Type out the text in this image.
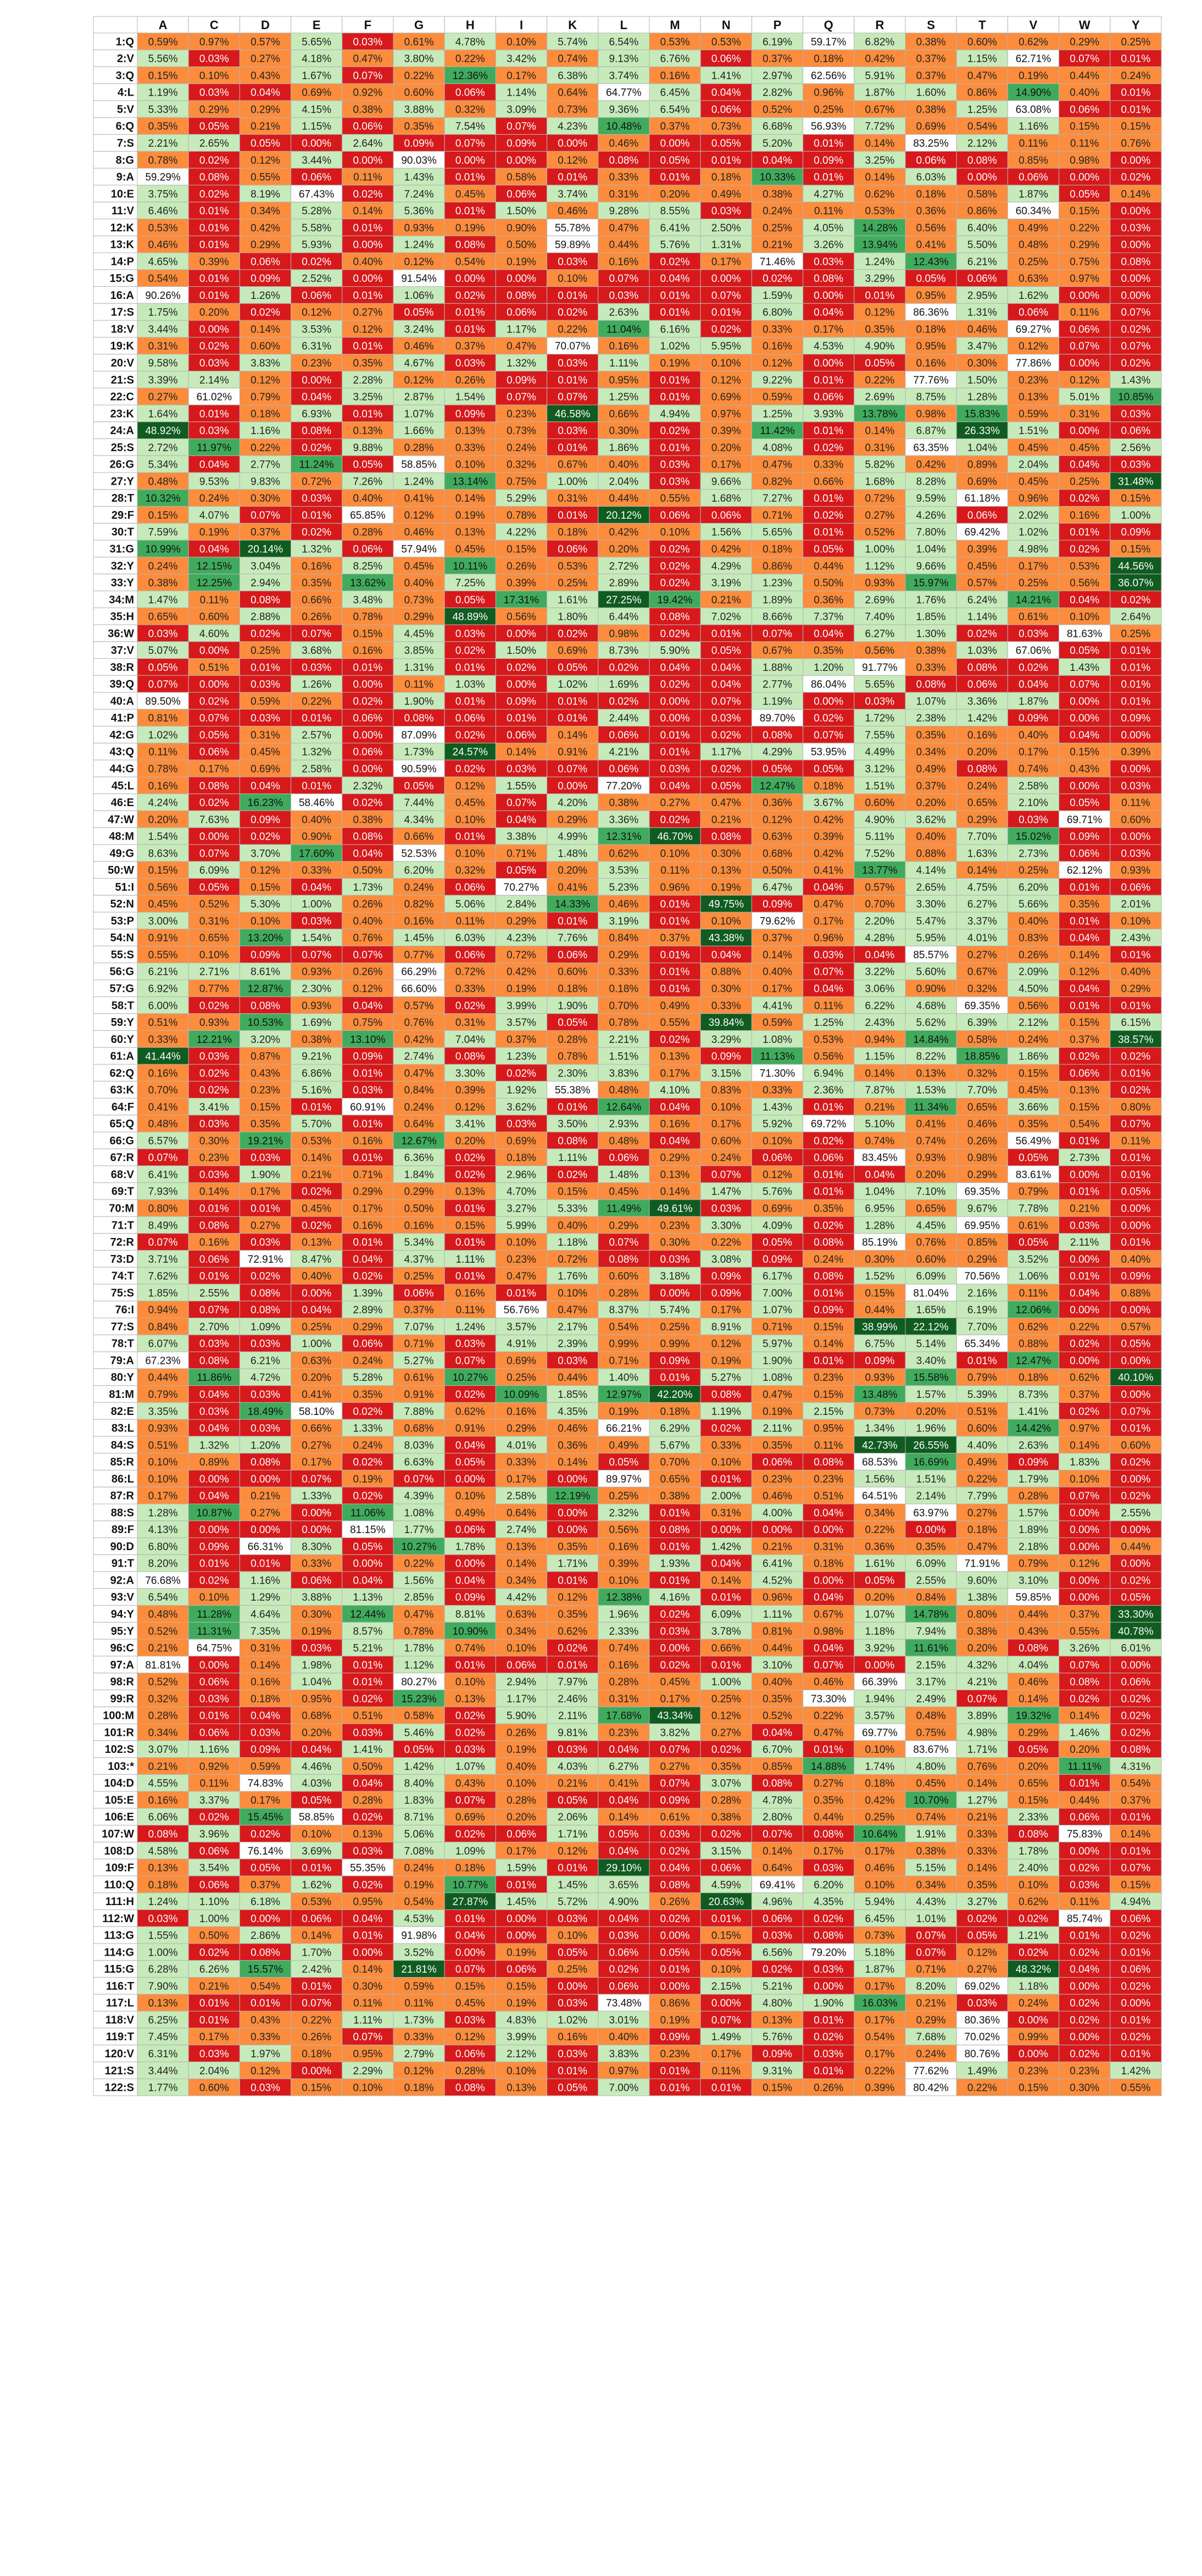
A	C	D	E	F	G	H	I	K	L	M	N	P	Q	R	S	T	V	W	Y
1:Q 0.59% 0.97% 0.57% 5.65% 0.03% 0.61% 4.78% 0.10% 5.74% 6.54% 0.53% 0.53% 6.19% 59.17% 6.82% 0.38% 0.60% 0.62% 0.29% 0.25%
2:V 5.56% 0.03% 0.27% 4.18% 0.47% 3.80% 0.22% 3.42% 0.74% 9.13% 6.76% 0.06% 0.37% 0.18% 0.42% 0.37% 1.15% 62.71% 0.07% 0.01%
3:Q 0.15% 0.10% 0.43% 1.67% 0.07% 0.22% 12.36% 0.17% 6.38% 3.74% 0.16% 1.41% 2.97% 62.56% 5.91% 0.37% 0.47% 0.19% 0.44% 0.24%
4:L 1.19% 0.03% 0.04% 0.69% 0.92% 0.60% 0.06% 1.14% 0.64% 64.77% 6.45% 0.04% 2.82% 0.96% 1.87% 1.60% 0.86% 14.90% 0.40% 0.01%
5:V 5.33% 0.29% 0.29% 4.15% 0.38% 3.88% 0.32% 3.09% 0.73% 9.36% 6.54% 0.06% 0.52% 0.25% 0.67% 0.38% 1.25% 63.08% 0.06% 0.01%
6:Q 0.35% 0.05% 0.21% 1.15% 0.06% 0.35% 7.54% 0.07% 4.23% 10.48% 0.37% 0.73% 6.68% 56.93% 7.72% 0.69% 0.54% 1.16% 0.15% 0.15%
7:S 2.21% 2.65% 0.05% 0.00% 2.64% 0.09% 0.07% 0.09% 0.00% 0.46% 0.00% 0.05% 5.20% 0.01% 0.14% 83.25% 2.12% 0.11% 0.11% 0.76%
8:G 0.78% 0.02% 0.12% 3.44% 0.00% 90.03% 0.00% 0.00% 0.12% 0.08% 0.05% 0.01% 0.04% 0.09% 3.25% 0.06% 0.08% 0.85% 0.98% 0.00%
9:A 59.29% 0.08% 0.55% 0.06% 0.11% 1.43% 0.01% 0.58% 0.01% 0.33% 0.01% 0.18% 10.33% 0.01% 0.14% 6.03% 0.00% 0.06% 0.00% 0.02%
10:E 3.75% 0.02% 8.19% 67.43% 0.02% 7.24% 0.45% 0.06% 3.74% 0.31% 0.20% 0.49% 0.38% 4.27% 0.62% 0.18% 0.58% 1.87% 0.05% 0.14%
11:V 6.46% 0.01% 0.34% 5.28% 0.14% 5.36% 0.01% 1.50% 0.46% 9.28% 8.55% 0.03% 0.24% 0.11% 0.53% 0.36% 0.86% 60.34% 0.15% 0.00%
12:K 0.53% 0.01% 0.42% 5.58% 0.01% 0.93% 0.19% 0.90% 55.78% 0.47% 6.41% 2.50% 0.25% 4.05% 14.28% 0.56% 6.40% 0.49% 0.22% 0.03%
13:K 0.46% 0.01% 0.29% 5.93% 0.00% 1.24% 0.08% 0.50% 59.89% 0.44% 5.76% 1.31% 0.21% 3.26% 13.94% 0.41% 5.50% 0.48% 0.29% 0.00%
14:P 4.65% 0.39% 0.06% 0.02% 0.40% 0.12% 0.54% 0.19% 0.03% 0.16% 0.02% 0.17% 71.46% 0.03% 1.24% 12.43% 6.21% 0.25% 0.75% 0.08%
15:G 0.54% 0.01% 0.09% 2.52% 0.00% 91.54% 0.00% 0.00% 0.10% 0.07% 0.04% 0.00% 0.02% 0.08% 3.29% 0.05% 0.06% 0.63% 0.97% 0.00%
16:A 90.26% 0.01% 1.26% 0.06% 0.01% 1.06% 0.02% 0.08% 0.01% 0.03% 0.01% 0.07% 1.59% 0.00% 0.01% 0.95% 2.95% 1.62% 0.00% 0.00%
17:S 1.75% 0.20% 0.02% 0.12% 0.27% 0.05% 0.01% 0.06% 0.02% 2.63% 0.01% 0.01% 6.80% 0.04% 0.12% 86.36% 1.31% 0.06% 0.11% 0.07%
18:V 3.44% 0.00% 0.14% 3.53% 0.12% 3.24% 0.01% 1.17% 0.22% 11.04% 6.16% 0.02% 0.33% 0.17% 0.35% 0.18% 0.46% 69.27% 0.06% 0.02%
19:K 0.31% 0.02% 0.60% 6.31% 0.01% 0.46% 0.37% 0.47% 70.07% 0.16% 1.02% 5.95% 0.16% 4.53% 4.90% 0.95% 3.47% 0.12% 0.07% 0.07%
20:V 9.58% 0.03% 3.83% 0.23% 0.35% 4.67% 0.03% 1.32% 0.03% 1.11% 0.19% 0.10% 0.12% 0.00% 0.05% 0.16% 0.30% 77.86% 0.00% 0.02%
21:S 3.39% 2.14% 0.12% 0.00% 2.28% 0.12% 0.26% 0.09% 0.01% 0.95% 0.01% 0.12% 9.22% 0.01% 0.22% 77.76% 1.50% 0.23% 0.12% 1.43%
22:C 0.27% 61.02% 0.79% 0.04% 3.25% 2.87% 1.54% 0.07% 0.07% 1.25% 0.01% 0.69% 0.59% 0.06% 2.69% 8.75% 1.28% 0.13% 5.01% 10.85%
23:K 1.64% 0.01% 0.18% 6.93% 0.01% 1.07% 0.09% 0.23% 46.58% 0.66% 4.94% 0.97% 1.25% 3.93% 13.78% 0.98% 15.83% 0.59% 0.31% 0.03%
24:A 48.92% 0.03% 1.16% 0.08% 0.13% 1.66% 0.13% 0.73% 0.03% 0.30% 0.02% 0.39% 11.42% 0.01% 0.14% 6.87% 26.33% 1.51% 0.00% 0.06%
25:S 2.72% 11.97% 0.22% 0.02% 9.88% 0.28% 0.33% 0.24% 0.01% 1.86% 0.01% 0.20% 4.08% 0.02% 0.31% 63.35% 1.04% 0.45% 0.45% 2.56%
26:G 5.34% 0.04% 2.77% 11.24% 0.05% 58.85% 0.10% 0.32% 0.67% 0.40% 0.03% 0.17% 0.47% 0.33% 5.82% 0.42% 0.89% 2.04% 0.04% 0.03%
27:Y 0.48% 9.53% 9.83% 0.72% 7.26% 1.24% 13.14% 0.75% 1.00% 2.04% 0.03% 9.66% 0.82% 0.66% 1.68% 8.28% 0.69% 0.45% 0.25% 31.48%
28:T 10.32% 0.24% 0.30% 0.03% 0.40% 0.41% 0.14% 5.29% 0.31% 0.44% 0.55% 1.68% 7.27% 0.01% 0.72% 9.59% 61.18% 0.96% 0.02% 0.15%
29:F 0.15% 4.07% 0.07% 0.01% 65.85% 0.12% 0.19% 0.78% 0.01% 20.12% 0.06% 0.06% 0.71% 0.02% 0.27% 4.26% 0.06% 2.02% 0.16% 1.00%
30:T 7.59% 0.19% 0.37% 0.02% 0.28% 0.46% 0.13% 4.22% 0.18% 0.42% 0.10% 1.56% 5.65% 0.01% 0.52% 7.80% 69.42% 1.02% 0.01% 0.09%
31:G 10.99% 0.04% 20.14% 1.32% 0.06% 57.94% 0.45% 0.15% 0.06% 0.20% 0.02% 0.42% 0.18% 0.05% 1.00% 1.04% 0.39% 4.98% 0.02% 0.15%
32:Y 0.24% 12.15% 3.04% 0.16% 8.25% 0.45% 10.11% 0.26% 0.53% 2.72% 0.02% 4.29% 0.86% 0.44% 1.12% 9.66% 0.45% 0.17% 0.53% 44.56%
33:Y 0.38% 12.25% 2.94% 0.35% 13.62% 0.40% 7.25% 0.39% 0.25% 2.89% 0.02% 3.19% 1.23% 0.50% 0.93% 15.97% 0.57% 0.25% 0.56% 36.07%
34:M 1.47% 0.11% 0.08% 0.66% 3.48% 0.73% 0.05% 17.31% 1.61% 27.25% 19.42% 0.21% 1.89% 0.36% 2.69% 1.76% 6.24% 14.21% 0.04% 0.02%
35:H 0.65% 0.60% 2.88% 0.26% 0.78% 0.29% 48.89% 0.56% 1.80% 6.44% 0.08% 7.02% 8.66% 7.37% 7.40% 1.85% 1.14% 0.61% 0.10% 2.64%
36:W 0.03% 4.60% 0.02% 0.07% 0.15% 4.45% 0.03% 0.00% 0.02% 0.98% 0.02% 0.01% 0.07% 0.04% 6.27% 1.30% 0.02% 0.03% 81.63% 0.25%
37:V 5.07% 0.00% 0.25% 3.68% 0.16% 3.85% 0.02% 1.50% 0.69% 8.73% 5.90% 0.05% 0.67% 0.35% 0.56% 0.38% 1.03% 67.06% 0.05% 0.01%
38:R 0.05% 0.51% 0.01% 0.03% 0.01% 1.31% 0.01% 0.02% 0.05% 0.02% 0.04% 0.04% 1.88% 1.20% 91.77% 0.33% 0.08% 0.02% 1.43% 0.01%
39:Q 0.07% 0.00% 0.03% 1.26% 0.00% 0.11% 1.03% 0.00% 1.02% 1.69% 0.02% 0.04% 2.77% 86.04% 5.65% 0.08% 0.06% 0.04% 0.07% 0.01%
40:A 89.50% 0.02% 0.59% 0.22% 0.02% 1.90% 0.01% 0.09% 0.01% 0.02% 0.00% 0.07% 1.19% 0.00% 0.03% 1.07% 3.36% 1.87% 0.00% 0.01%
41:P 0.81% 0.07% 0.03% 0.01% 0.06% 0.08% 0.06% 0.01% 0.01% 2.44% 0.00% 0.03% 89.70% 0.02% 1.72% 2.38% 1.42% 0.09% 0.00% 0.09%
42:G 1.02% 0.05% 0.31% 2.57% 0.00% 87.09% 0.02% 0.06% 0.14% 0.06% 0.01% 0.02% 0.08% 0.07% 7.55% 0.35% 0.16% 0.40% 0.04% 0.00%
43:Q 0.11% 0.06% 0.45% 1.32% 0.06% 1.73% 24.57% 0.14% 0.91% 4.21% 0.01% 1.17% 4.29% 53.95% 4.49% 0.34% 0.20% 0.17% 0.15% 0.39%
44:G 0.78% 0.17% 0.69% 2.58% 0.00% 90.59% 0.02% 0.03% 0.07% 0.06% 0.03% 0.02% 0.05% 0.05% 3.12% 0.49% 0.08% 0.74% 0.43% 0.00%
45:L 0.16% 0.08% 0.04% 0.01% 2.32% 0.05% 0.12% 1.55% 0.00% 77.20% 0.04% 0.05% 12.47% 0.18% 1.51% 0.37% 0.24% 2.58% 0.00% 0.03%
46:E 4.24% 0.02% 16.23% 58.46% 0.02% 7.44% 0.45% 0.07% 4.20% 0.38% 0.27% 0.47% 0.36% 3.67% 0.60% 0.20% 0.65% 2.10% 0.05% 0.11%
47:W 0.20% 7.63% 0.09% 0.40% 0.38% 4.34% 0.10% 0.04% 0.29% 3.36% 0.02% 0.21% 0.12% 0.42% 4.90% 3.62% 0.29% 0.03% 69.71% 0.60%
48:M 1.54% 0.00% 0.02% 0.90% 0.08% 0.66% 0.01% 3.38% 4.99% 12.31% 46.70% 0.08% 0.63% 0.39% 5.11% 0.40% 7.70% 15.02% 0.09% 0.00%
49:G 8.63% 0.07% 3.70% 17.60% 0.04% 52.53% 0.10% 0.71% 1.48% 0.62% 0.10% 0.30% 0.68% 0.42% 7.52% 0.88% 1.63% 2.73% 0.06% 0.03%
50:W 0.15% 6.09% 0.12% 0.33% 0.50% 6.20% 0.32% 0.05% 0.20% 3.53% 0.11% 0.13% 0.50% 0.41% 13.77% 4.14% 0.14% 0.25% 62.12% 0.93%
51:I 0.56% 0.05% 0.15% 0.04% 1.73% 0.24% 0.06% 70.27% 0.41% 5.23% 0.96% 0.19% 6.47% 0.04% 0.57% 2.65% 4.75% 6.20% 0.01% 0.06%
52:N 0.45% 0.52% 5.30% 1.00% 0.26% 0.82% 5.06% 2.84% 14.33% 0.46% 0.01% 49.75% 0.09% 0.47% 0.70% 3.30% 6.27% 5.66% 0.35% 2.01%
53:P 3.00% 0.31% 0.10% 0.03% 0.40% 0.16% 0.11% 0.29% 0.01% 3.19% 0.01% 0.10% 79.62% 0.17% 2.20% 5.47% 3.37% 0.40% 0.01% 0.10%
54:N 0.91% 0.65% 13.20% 1.54% 0.76% 1.45% 6.03% 4.23% 7.76% 0.84% 0.37% 43.38% 0.37% 0.96% 4.28% 5.95% 4.01% 0.83% 0.04% 2.43%
55:S 0.55% 0.10% 0.09% 0.07% 0.07% 0.77% 0.06% 0.72% 0.06% 0.29% 0.01% 0.04% 0.14% 0.03% 0.04% 85.57% 0.27% 0.26% 0.14% 0.01%
56:G 6.21% 2.71% 8.61% 0.93% 0.26% 66.29% 0.72% 0.42% 0.60% 0.33% 0.01% 0.88% 0.40% 0.07% 3.22% 5.60% 0.67% 2.09% 0.12% 0.40%
57:G 6.92% 0.77% 12.87% 2.30% 0.12% 66.60% 0.33% 0.19% 0.18% 0.18% 0.01% 0.30% 0.17% 0.04% 3.06% 0.90% 0.32% 4.50% 0.04% 0.29%
58:T 6.00% 0.02% 0.08% 0.93% 0.04% 0.57% 0.02% 3.99% 1.90% 0.70% 0.49% 0.33% 4.41% 0.11% 6.22% 4.68% 69.35% 0.56% 0.01% 0.01%
59:Y 0.51% 0.93% 10.53% 1.69% 0.75% 0.76% 0.31% 3.57% 0.05% 0.78% 0.55% 39.84% 0.59% 1.25% 2.43% 5.62% 6.39% 2.12% 0.15% 6.15%
60:Y 0.33% 12.21% 3.20% 0.38% 13.10% 0.42% 7.04% 0.37% 0.28% 2.21% 0.02% 3.29% 1.08% 0.53% 0.94% 14.84% 0.58% 0.24% 0.37% 38.57%
61:A 41.44% 0.03% 0.87% 9.21% 0.09% 2.74% 0.08% 1.23% 0.78% 1.51% 0.13% 0.09% 11.13% 0.56% 1.15% 8.22% 18.85% 1.86% 0.02% 0.02%
62:Q 0.16% 0.02% 0.43% 6.86% 0.01% 0.47% 3.30% 0.02% 2.30% 3.83% 0.17% 3.15% 71.30% 6.94% 0.14% 0.13% 0.32% 0.15% 0.06% 0.01%
63:K 0.70% 0.02% 0.23% 5.16% 0.03% 0.84% 0.39% 1.92% 55.38% 0.48% 4.10% 0.83% 0.33% 2.36% 7.87% 1.53% 7.70% 0.45% 0.13% 0.02%
64:F 0.41% 3.41% 0.15% 0.01% 60.91% 0.24% 0.12% 3.62% 0.01% 12.64% 0.04% 0.10% 1.43% 0.01% 0.21% 11.34% 0.65% 3.66% 0.15% 0.80%
65:Q 0.48% 0.03% 0.35% 5.70% 0.01% 0.64% 3.41% 0.03% 3.50% 2.93% 0.16% 0.17% 5.92% 69.72% 5.10% 0.41% 0.46% 0.35% 0.54% 0.07%
66:G 6.57% 0.30% 19.21% 0.53% 0.16% 12.67% 0.20% 0.69% 0.08% 0.48% 0.04% 0.60% 0.10% 0.02% 0.74% 0.74% 0.26% 56.49% 0.01% 0.11%
67:R 0.07% 0.23% 0.03% 0.14% 0.01% 6.36% 0.02% 0.18% 1.11% 0.06% 0.29% 0.24% 0.06% 0.06% 83.45% 0.93% 0.98% 0.05% 2.73% 0.01%
68:V 6.41% 0.03% 1.90% 0.21% 0.71% 1.84% 0.02% 2.96% 0.02% 1.48% 0.13% 0.07% 0.12% 0.01% 0.04% 0.20% 0.29% 83.61% 0.00% 0.01%
69:T 7.93% 0.14% 0.17% 0.02% 0.29% 0.29% 0.13% 4.70% 0.15% 0.45% 0.14% 1.47% 5.76% 0.01% 1.04% 7.10% 69.35% 0.79% 0.01% 0.05%
70:M 0.80% 0.01% 0.01% 0.45% 0.17% 0.50% 0.01% 3.27% 5.33% 11.49% 49.61% 0.03% 0.69% 0.35% 6.95% 0.65% 9.67% 7.78% 0.21% 0.00%
71:T 8.49% 0.08% 0.27% 0.02% 0.16% 0.16% 0.15% 5.99% 0.40% 0.29% 0.23% 3.30% 4.09% 0.02% 1.28% 4.45% 69.95% 0.61% 0.03% 0.00%
72:R 0.07% 0.16% 0.03% 0.13% 0.01% 5.34% 0.01% 0.10% 1.18% 0.07% 0.30% 0.22% 0.05% 0.08% 85.19% 0.76% 0.85% 0.05% 2.11% 0.01%
73:D 3.71% 0.06% 72.91% 8.47% 0.04% 4.37% 1.11% 0.23% 0.72% 0.08% 0.03% 3.08% 0.09% 0.24% 0.30% 0.60% 0.29% 3.52% 0.00% 0.40%
74:T 7.62% 0.01% 0.02% 0.40% 0.02% 0.25% 0.01% 0.47% 1.76% 0.60% 3.18% 0.09% 6.17% 0.08% 1.52% 6.09% 70.56% 1.06% 0.01% 0.09%
75:S 1.85% 2.55% 0.08% 0.00% 1.39% 0.06% 0.16% 0.01% 0.10% 0.28% 0.00% 0.09% 7.00% 0.01% 0.15% 81.04% 2.16% 0.11% 0.04% 0.88%
76:I 0.94% 0.07% 0.08% 0.04% 2.89% 0.37% 0.11% 56.76% 0.47% 8.37% 5.74% 0.17% 1.07% 0.09% 0.44% 1.65% 6.19% 12.06% 0.00% 0.00%
77:S 0.84% 2.70% 1.09% 0.25% 0.29% 7.07% 1.24% 3.57% 2.17% 0.54% 0.25% 8.91% 0.71% 0.15% 38.99% 22.12% 7.70% 0.62% 0.22% 0.57%
78:T 6.07% 0.03% 0.03% 1.00% 0.06% 0.71% 0.03% 4.91% 2.39% 0.99% 0.99% 0.12% 5.97% 0.14% 6.75% 5.14% 65.34% 0.88% 0.02% 0.05%
79:A 67.23% 0.08% 6.21% 0.63% 0.24% 5.27% 0.07% 0.69% 0.03% 0.71% 0.09% 0.19% 1.90% 0.01% 0.09% 3.40% 0.01% 12.47% 0.00% 0.00%
80:Y 0.44% 11.86% 4.72% 0.20% 5.28% 0.61% 10.27% 0.25% 0.44% 1.40% 0.01% 5.27% 1.08% 0.23% 0.93% 15.58% 0.79% 0.18% 0.62% 40.10%
81:M 0.79% 0.04% 0.03% 0.41% 0.35% 0.91% 0.02% 10.09% 1.85% 12.97% 42.20% 0.08% 0.47% 0.15% 13.48% 1.57% 5.39% 8.73% 0.37% 0.00%
82:E 3.35% 0.03% 18.49% 58.10% 0.02% 7.88% 0.62% 0.16% 4.35% 0.19% 0.18% 1.19% 0.19% 2.15% 0.73% 0.20% 0.51% 1.41% 0.02% 0.07%
83:L 0.93% 0.04% 0.03% 0.66% 1.33% 0.68% 0.91% 0.29% 0.46% 66.21% 6.29% 0.02% 2.11% 0.95% 1.34% 1.96% 0.60% 14.42% 0.97% 0.01%
84:S 0.51% 1.32% 1.20% 0.27% 0.24% 8.03% 0.04% 4.01% 0.36% 0.49% 5.67% 0.33% 0.35% 0.11% 42.73% 26.55% 4.40% 2.63% 0.14% 0.60%
85:R 0.10% 0.89% 0.08% 0.17% 0.02% 6.63% 0.05% 0.33% 0.14% 0.05% 0.70% 0.10% 0.06% 0.08% 68.53% 16.69% 0.49% 0.09% 1.83% 0.02%
86:L 0.10% 0.00% 0.00% 0.07% 0.19% 0.07% 0.00% 0.17% 0.00% 89.97% 0.65% 0.01% 0.23% 0.23% 1.56% 1.51% 0.22% 1.79% 0.10% 0.00%
87:R 0.17% 0.04% 0.21% 1.33% 0.02% 4.39% 0.10% 2.58% 12.19% 0.25% 0.38% 2.00% 0.46% 0.51% 64.51% 2.14% 7.79% 0.28% 0.07% 0.02%
88:S 1.28% 10.87% 0.27% 0.00% 11.06% 1.08% 0.49% 0.64% 0.00% 2.32% 0.01% 0.31% 4.00% 0.04% 0.34% 63.97% 0.27% 1.57% 0.00% 2.55%
89:F 4.13% 0.00% 0.00% 0.00% 81.15% 1.77% 0.06% 2.74% 0.00% 0.56% 0.08% 0.00% 0.00% 0.00% 0.22% 0.00% 0.18% 1.89% 0.00% 0.00%
90:D 6.80% 0.09% 66.31% 8.30% 0.05% 10.27% 1.78% 0.13% 0.35% 0.16% 0.01% 1.42% 0.21% 0.31% 0.36% 0.35% 0.47% 2.18% 0.00% 0.44%
91:T 8.20% 0.01% 0.01% 0.33% 0.00% 0.22% 0.00% 0.14% 1.71% 0.39% 1.93% 0.04% 6.41% 0.18% 1.61% 6.09% 71.91% 0.79% 0.12% 0.00%
92:A 76.68% 0.02% 1.16% 0.06% 0.04% 1.56% 0.04% 0.34% 0.01% 0.10% 0.01% 0.14% 4.52% 0.00% 0.05% 2.55% 9.60% 3.10% 0.00% 0.02%
93:V 6.54% 0.10% 1.29% 3.88% 1.13% 2.85% 0.09% 4.42% 0.12% 12.38% 4.16% 0.01% 0.96% 0.04% 0.20% 0.84% 1.38% 59.85% 0.00% 0.05%
94:Y 0.48% 11.28% 4.64% 0.30% 12.44% 0.47% 8.81% 0.63% 0.35% 1.96% 0.02% 6.09% 1.11% 0.67% 1.07% 14.78% 0.80% 0.44% 0.37% 33.30%
95:Y 0.52% 11.31% 7.35% 0.19% 8.57% 0.78% 10.90% 0.34% 0.62% 2.33% 0.03% 3.78% 0.81% 0.98% 1.18% 7.94% 0.38% 0.43% 0.55% 40.78%
96:C 0.21% 64.75% 0.31% 0.03% 5.21% 1.78% 0.74% 0.10% 0.02% 0.74% 0.00% 0.66% 0.44% 0.04% 3.92% 11.61% 0.20% 0.08% 3.26% 6.01%
97:A 81.81% 0.00% 0.14% 1.98% 0.01% 1.12% 0.01% 0.06% 0.01% 0.16% 0.02% 0.01% 3.10% 0.07% 0.00% 2.15% 4.32% 4.04% 0.07% 0.00%
98:R 0.52% 0.06% 0.16% 1.04% 0.01% 80.27% 0.10% 2.94% 7.97% 0.28% 0.45% 1.00% 0.40% 0.46% 66.39% 3.17% 4.21% 0.46% 0.08% 0.06%
99:R 0.32% 0.03% 0.18% 0.95% 0.02% 15.23% 0.13% 1.17% 2.46% 0.31% 0.17% 0.25% 0.35% 73.30% 1.94% 2.49% 0.07% 0.14% 0.02% 0.02%
100:M 0.28% 0.01% 0.04% 0.68% 0.51% 0.58% 0.02% 5.90% 2.11% 17.68% 43.34% 0.12% 0.52% 0.22% 3.57% 0.48% 3.89% 19.32% 0.14% 0.02%
101:R 0.34% 0.06% 0.03% 0.20% 0.03% 5.46% 0.02% 0.26% 9.81% 0.23% 3.82% 0.27% 0.04% 0.47% 69.77% 0.75% 4.98% 0.29% 1.46% 0.02%
102:S 3.07% 1.16% 0.09% 0.04% 1.41% 0.05% 0.03% 0.19% 0.03% 0.04% 0.07% 0.02% 6.70% 0.01% 0.10% 83.67% 1.71% 0.05% 0.20% 0.08%
103:* 0.21% 0.92% 0.59% 4.46% 0.50% 1.42% 1.07% 0.40% 4.03% 6.27% 0.27% 0.35% 0.85% 14.88% 1.74% 4.80% 0.76% 0.20% 11.11% 4.31%
104:D 4.55% 0.11% 74.83% 4.03% 0.04% 8.40% 0.43% 0.10% 0.21% 0.41% 0.07% 3.07% 0.08% 0.27% 0.18% 0.45% 0.14% 0.65% 0.01% 0.54%
105:E 0.16% 3.37% 0.17% 0.05% 0.28% 1.83% 0.07% 0.28% 0.05% 0.04% 0.09% 0.28% 4.78% 0.35% 0.42% 10.70% 1.27% 0.15% 0.44% 0.37%
106:E 6.06% 0.02% 15.45% 58.85% 0.02% 8.71% 0.69% 0.20% 2.06% 0.14% 0.61% 0.38% 2.80% 0.44% 0.25% 0.74% 0.21% 2.33% 0.06% 0.01%
107:W 0.08% 3.96% 0.02% 0.10% 0.13% 5.06% 0.02% 0.06% 1.71% 0.05% 0.03% 0.02% 0.07% 0.08% 10.64% 1.91% 0.33% 0.08% 75.83% 0.14%
108:D 4.58% 0.06% 76.14% 3.69% 0.03% 7.08% 1.09% 0.17% 0.12% 0.04% 0.02% 3.15% 0.14% 0.17% 0.17% 0.38% 0.33% 1.78% 0.00% 0.01%
109:F 0.13% 3.54% 0.05% 0.01% 55.35% 0.24% 0.18% 1.59% 0.01% 29.10% 0.04% 0.06% 0.64% 0.03% 0.46% 5.15% 0.14% 2.40% 0.02% 0.07%
110:Q 0.18% 0.06% 0.37% 1.62% 0.02% 0.19% 10.77% 0.01% 1.45% 3.65% 0.08% 4.59% 69.41% 6.20% 0.10% 0.34% 0.35% 0.10% 0.03% 0.15%
111:H 1.24% 1.10% 6.18% 0.53% 0.95% 0.54% 27.87% 1.45% 5.72% 4.90% 0.26% 20.63% 4.96% 4.35% 5.94% 4.43% 3.27% 0.62% 0.11% 4.94%
112:W 0.03% 1.00% 0.00% 0.06% 0.04% 4.53% 0.01% 0.00% 0.03% 0.04% 0.02% 0.01% 0.06% 0.02% 6.45% 1.01% 0.02% 0.02% 85.74% 0.06%
113:G 1.55% 0.50% 2.86% 0.14% 0.01% 91.98% 0.04% 0.00% 0.10% 0.03% 0.00% 0.15% 0.03% 0.08% 0.73% 0.07% 0.05% 1.21% 0.01% 0.02%
114:G 1.00% 0.02% 0.08% 1.70% 0.00% 3.52% 0.00% 0.19% 0.05% 0.06% 0.05% 0.05% 6.56% 79.20% 5.18% 0.07% 0.12% 0.02% 0.02% 0.01%
115:G 6.28% 6.26% 15.57% 2.42% 0.14% 21.81% 0.07% 0.06% 0.25% 0.02% 0.01% 0.10% 0.02% 0.03% 1.87% 0.71% 0.27% 48.32% 0.04% 0.06%
116:T 7.90% 0.21% 0.54% 0.01% 0.30% 0.59% 0.15% 0.15% 0.00% 0.06% 0.00% 2.15% 5.21% 0.00% 0.17% 8.20% 69.02% 1.18% 0.00% 0.02%
117:L 0.13% 0.01% 0.01% 0.07% 0.11% 0.11% 0.45% 0.19% 0.03% 73.48% 0.86% 0.00% 4.80% 1.90% 16.03% 0.21% 0.03% 0.24% 0.02% 0.00%
118:V 6.25% 0.01% 0.43% 0.22% 1.11% 1.73% 0.03% 4.83% 1.02% 3.01% 0.19% 0.07% 0.13% 0.01% 0.17% 0.29% 80.36% 0.00% 0.02% 0.01%
119:T 7.45% 0.17% 0.33% 0.26% 0.07% 0.33% 0.12% 3.99% 0.16% 0.40% 0.09% 1.49% 5.76% 0.02% 0.54% 7.68% 70.02% 0.99% 0.00% 0.02%
120:V 6.31% 0.03% 1.97% 0.18% 0.95% 2.79% 0.06% 2.12% 0.03% 3.83% 0.23% 0.17% 0.09% 0.03% 0.17% 0.24% 80.76% 0.00% 0.02% 0.01%
121:S 3.44% 2.04% 0.12% 0.00% 2.29% 0.12% 0.28% 0.10% 0.01% 0.97% 0.01% 0.11% 9.31% 0.01% 0.22% 77.62% 1.49% 0.23% 0.23% 1.42%
122:S 1.77% 0.60% 0.03% 0.15% 0.10% 0.18% 0.08% 0.13% 0.05% 7.00% 0.01% 0.01% 0.15% 0.26% 0.39% 80.42% 0.22% 0.15% 0.30% 0.55%
